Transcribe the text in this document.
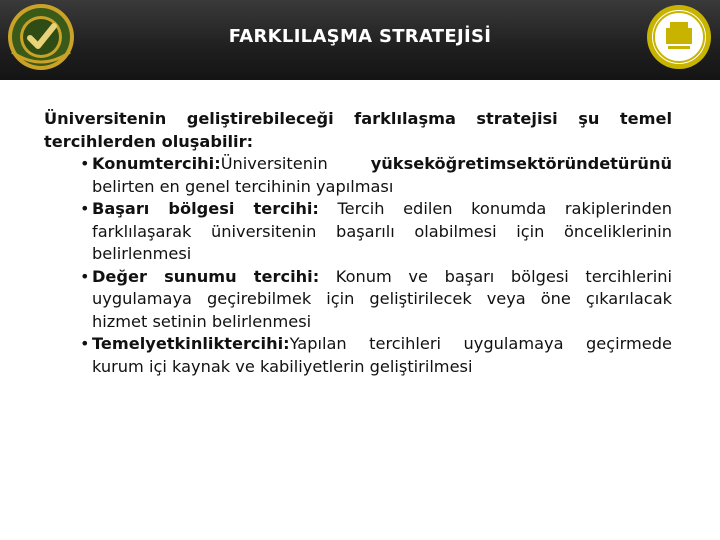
FARKLILAŞMA STRATEJİSİ
Üniversitenin geliştirebileceği farklılaşma stratejisi şu temel tercihlerden oluşabilir:
• Konumtercihi:Üniversitenin yükseköğretimsektöründetürünü belirten en genel tercihinin yapılması
• Başarı bölgesi tercihi: Tercih edilen konumda rakiplerinden farklılaşarak üniversitenin başarılı olabilmesi için önceliklerinin belirlenmesi
• Değer sunumu tercihi: Konum ve başarı bölgesi tercihlerini uygulamaya geçirebilmek için geliştirilecek veya öne çıkarılacak hizmet setinin belirlenmesi
• Temelyetkinliktercihi:Yapılan tercihleri uygulamaya geçirmede kurum içi kaynak ve kabiliyetlerin geliştirilmesi
